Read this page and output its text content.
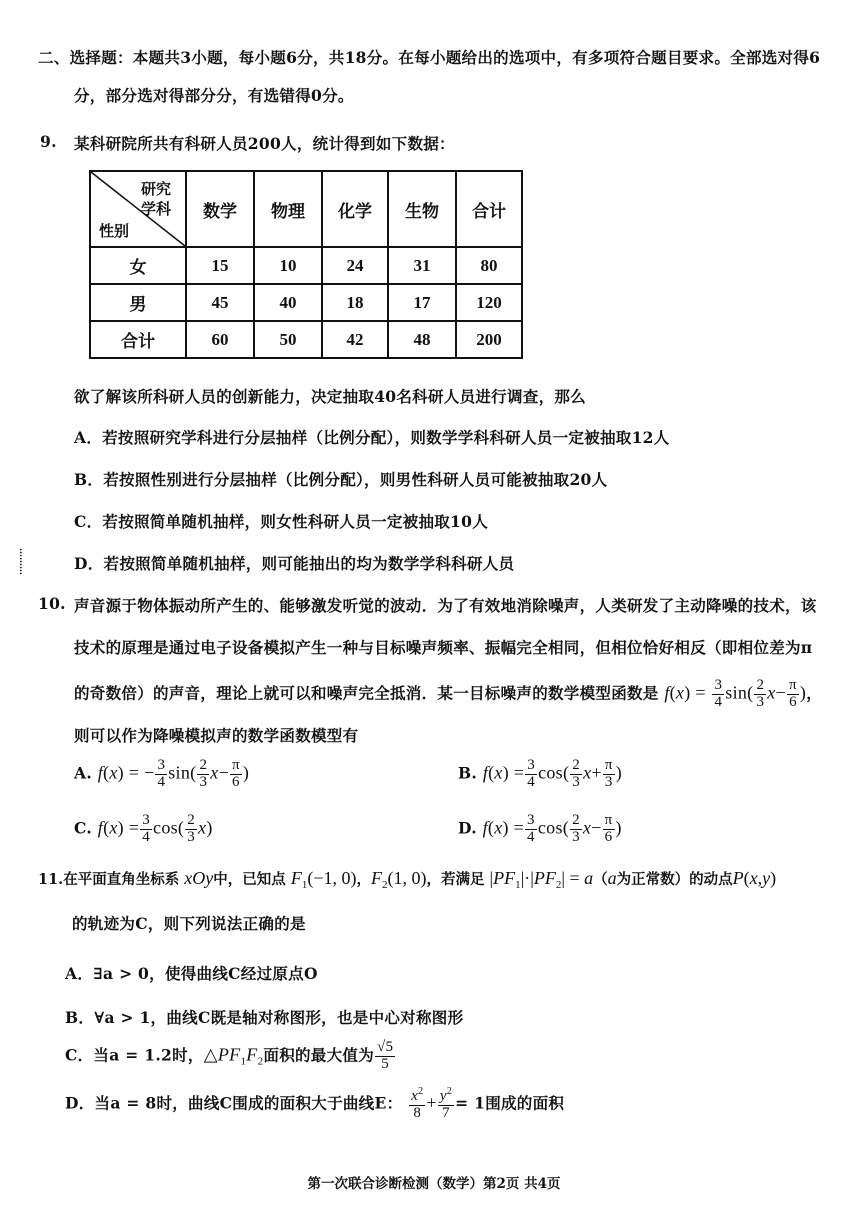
二、选择题：本题共3小题，每小题6分，共18分。在每小题给出的选项中，有多项符合题目要求。全部选对得6
分，部分选对得部分分，有选错得0分。
9. 某科研院所共有科研人员200人，统计得到如下数据：
研究
学科
性别	数学	物理	化学	生物	合计
女	15	10	24	31	80
男	45	40	18	17	120
合计	60	50	42	48	200
欲了解该所科研人员的创新能力，决定抽取40名科研人员进行调查，那么
A．若按照研究学科进行分层抽样（比例分配），则数学学科科研人员一定被抽取12人
B．若按照性别进行分层抽样（比例分配），则男性科研人员可能被抽取20人
C．若按照简单随机抽样，则女性科研人员一定被抽取10人
D．若按照简单随机抽样，则可能抽出的均为数学学科科研人员
………
10. 声音源于物体振动所产生的、能够激发听觉的波动．为了有效地消除噪声，人类研发了主动降噪的技术，该
技术的原理是通过电子设备模拟产生一种与目标噪声频率、振幅完全相同，但相位恰好相反（即相位差为π
的奇数倍）的声音，理论上就可以和噪声完全抵消．某一目标噪声的数学模型函数是 $f(x) = \frac{3}{4} \sin( \frac{2}{3} x- \frac{\pi}{6}$ )，
则可以作为降噪模拟声的数学函数模型有
A. f(x) = − $\frac{3}{4} \sin( \frac{2}{3} x- \frac{\pi}{6}$ )	B. $f(x) = \frac{3}{4} \cos( \frac{2}{3} x+ \frac{\pi}{3}$ )
C. $f(x) = \frac{3}{4} \cos( \frac{2}{3} x)$	D. $f(x) = \frac{3}{4} \cos( \frac{2}{3} x- \frac{\pi}{6}$ )
11.在平面直角坐标系 xOy中，已知点 $F_1(-1$, 0)，$F_2(1$, 0)，若满足 $|PF_1|\cdot|PF_2| = a(a$为正常数）的动点P(x,y)
的轨迹为C，则下列说法正确的是
A．∃a > 0，使得曲线C经过原点O
B．∀a > 1，曲线C既是轴对称图形，也是中心对称图形
C．当a = 1.2时，$\triangle PF_1F_2$面积的最大值为 $\frac{√5}{5}$
D．当a = 8时，曲线C围成的面积大于曲线E： $\frac{x^2}{8} + \frac{y^2}{7} = 1$围成的面积
第一次联合诊断检测（数学）第2页 共4页
